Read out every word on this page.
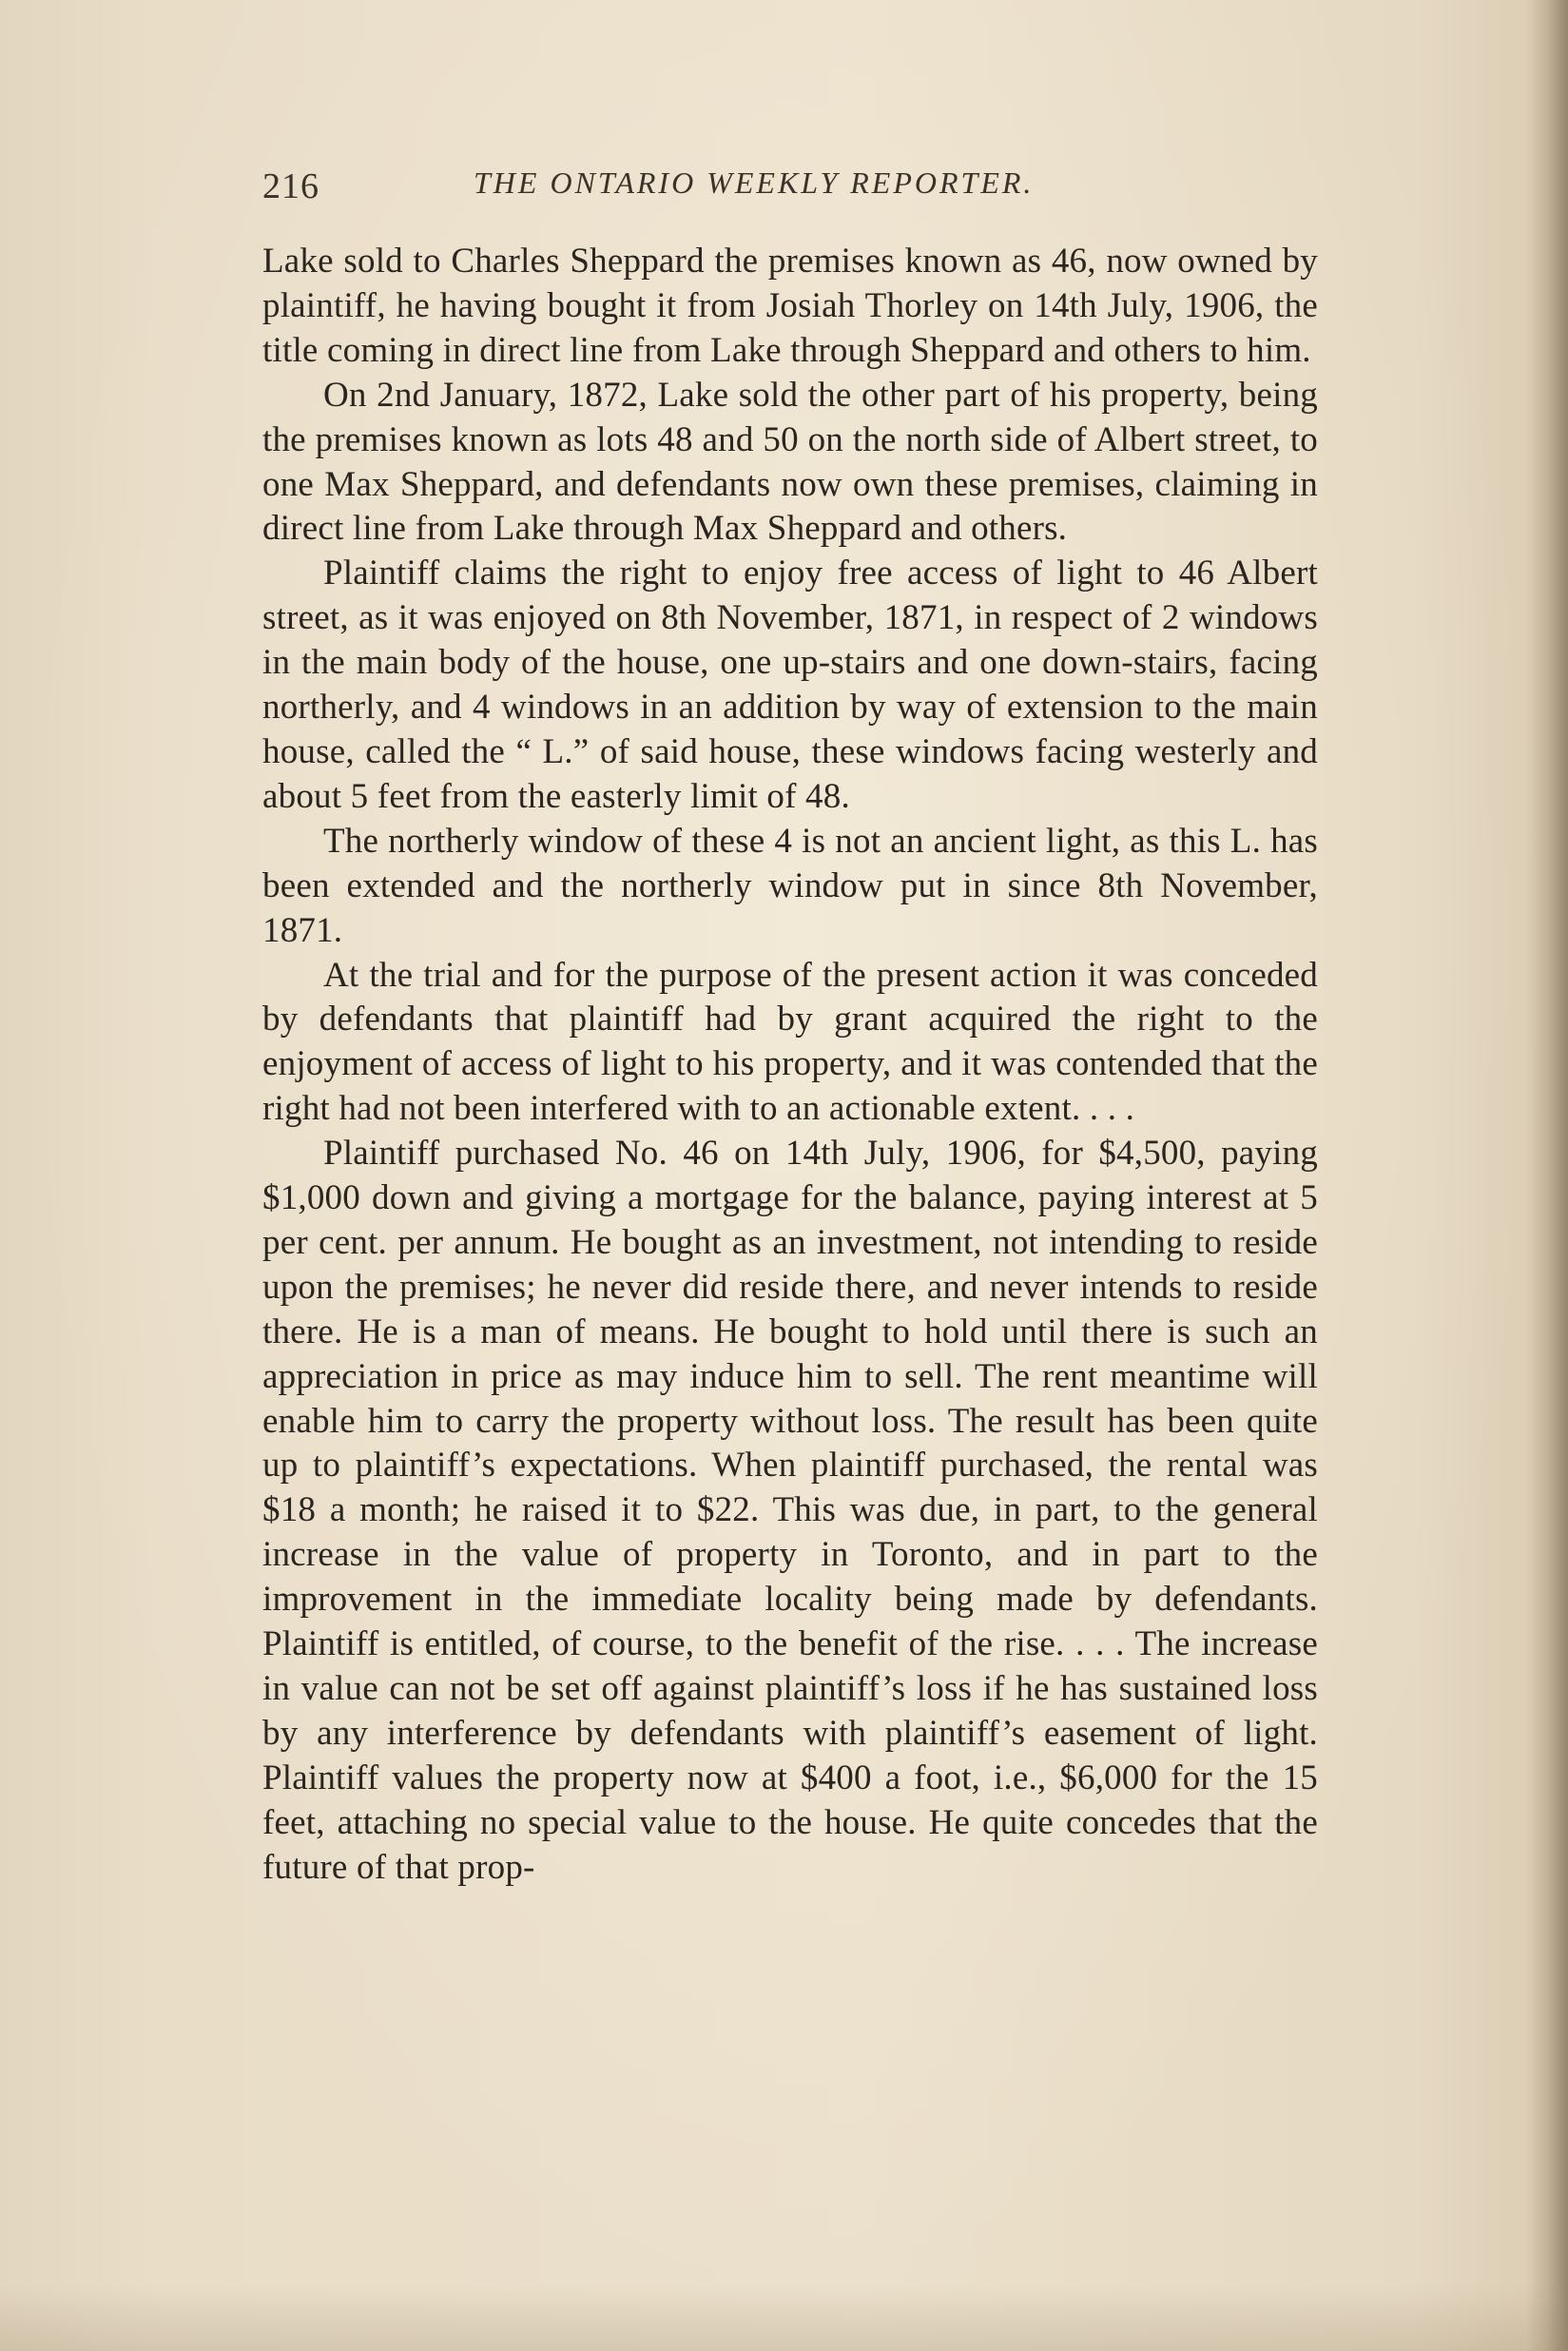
216	THE ONTARIO WEEKLY REPORTER.

Lake sold to Charles Sheppard the premises known as 46, now owned by plaintiff, he having bought it from Josiah Thorley on 14th July, 1906, the title coming in direct line from Lake through Sheppard and others to him.

On 2nd January, 1872, Lake sold the other part of his property, being the premises known as lots 48 and 50 on the north side of Albert street, to one Max Sheppard, and defendants now own these premises, claiming in direct line from Lake through Max Sheppard and others.

Plaintiff claims the right to enjoy free access of light to 46 Albert street, as it was enjoyed on 8th November, 1871, in respect of 2 windows in the main body of the house, one up-stairs and one down-stairs, facing northerly, and 4 windows in an addition by way of extension to the main house, called the “ L.” of said house, these windows facing westerly and about 5 feet from the easterly limit of 48.

The northerly window of these 4 is not an ancient light, as this L. has been extended and the northerly window put in since 8th November, 1871.

At the trial and for the purpose of the present action it was conceded by defendants that plaintiff had by grant acquired the right to the enjoyment of access of light to his property, and it was contended that the right had not been interfered with to an actionable extent. . . .

Plaintiff purchased No. 46 on 14th July, 1906, for $4,500, paying $1,000 down and giving a mortgage for the balance, paying interest at 5 per cent. per annum. He bought as an investment, not intending to reside upon the premises; he never did reside there, and never intends to reside there. He is a man of means. He bought to hold until there is such an appreciation in price as may induce him to sell. The rent meantime will enable him to carry the property without loss. The result has been quite up to plaintiff’s expectations. When plaintiff purchased, the rental was $18 a month; he raised it to $22. This was due, in part, to the general increase in the value of property in Toronto, and in part to the improvement in the immediate locality being made by defendants. Plaintiff is entitled, of course, to the benefit of the rise. . . . The increase in value can not be set off against plaintiff’s loss if he has sustained loss by any interference by defendants with plaintiff’s easement of light. Plaintiff values the property now at $400 a foot, i.e., $6,000 for the 15 feet, attaching no special value to the house. He quite concedes that the future of that prop-
